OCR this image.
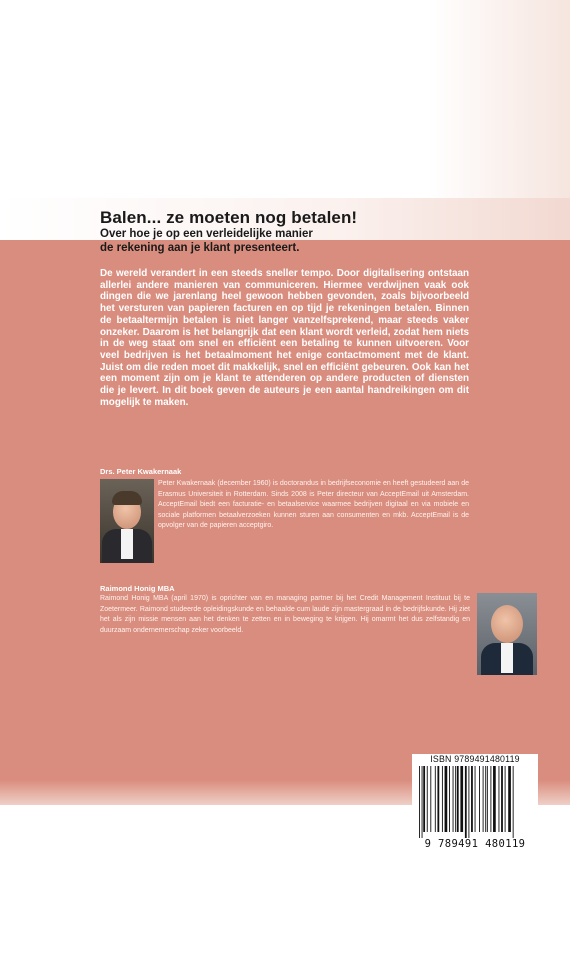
Balen... ze moeten nog betalen!
Over hoe je op een verleidelijke manier
de rekening aan je klant presenteert.
De wereld verandert in een steeds sneller tempo. Door digitalisering ontstaan allerlei andere manieren van communiceren. Hiermee verdwijnen vaak ook dingen die we jarenlang heel gewoon hebben gevonden, zoals bijvoorbeeld het versturen van papieren facturen en op tijd je rekeningen betalen. Binnen de betaaltermijn betalen is niet langer vanzelfsprekend, maar steeds vaker onzeker. Daarom is het belangrijk dat een klant wordt verleid, zodat hem niets in de weg staat om snel en efficiënt een betaling te kunnen uitvoeren. Voor veel bedrijven is het betaalmoment het enige contactmoment met de klant. Juist om die reden moet dit makkelijk, snel en efficiënt gebeuren. Ook kan het een moment zijn om je klant te attenderen op andere producten of diensten die je levert. In dit boek geven de auteurs je een aantal handreikingen om dit mogelijk te maken.
Drs. Peter Kwakernaak
Peter Kwakernaak (december 1960) is doctorandus in bedrijfseconomie en heeft gestudeerd aan de Erasmus Universiteit in Rotterdam. Sinds 2008 is Peter directeur van AcceptEmail uit Amsterdam. AcceptEmail biedt een facturatie- en betaalservice waarmee bedrijven digitaal en via mobiele en sociale platformen betaalverzoeken kunnen sturen aan consumenten en mkb. AcceptEmail is de opvolger van de papieren acceptgiro.
Raimond Honig MBA
Raimond Honig MBA (april 1970) is oprichter van en managing partner bij het Credit Management Instituut bij te Zoetermeer. Raimond studeerde opleidingskunde en behaalde cum laude zijn mastergraad in de bedrijfskunde. Hij ziet het als zijn missie mensen aan het denken te zetten en in beweging te krijgen. Hij omarmt het dus zelfstandig en duurzaam ondernemerschap zeker voorbeeld.
ISBN 9789491480119
9 789491 480119
